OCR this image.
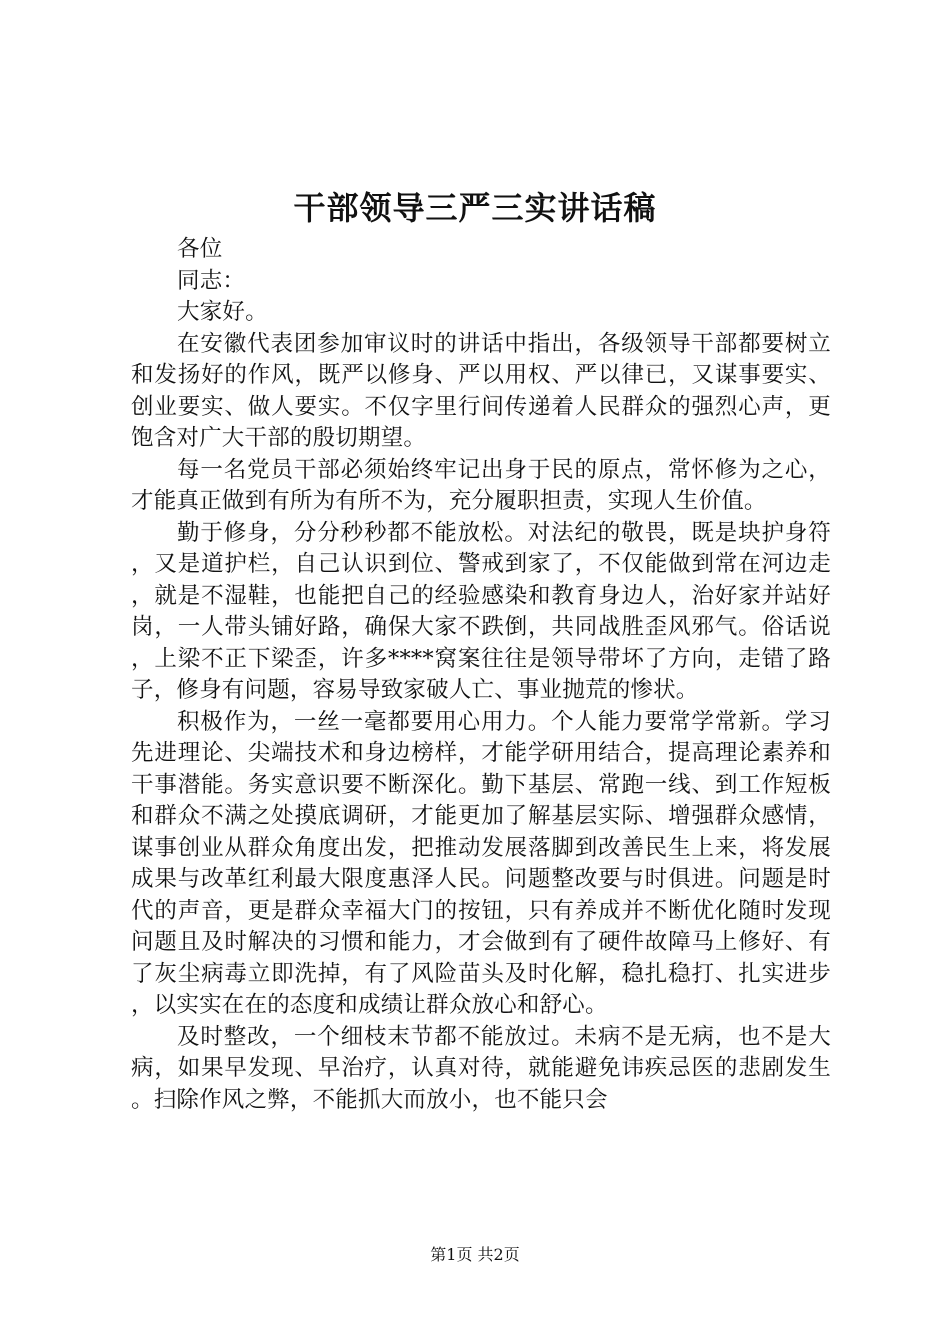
干部领导三严三实讲话稿

各位

同志：

大家好。

在安徽代表团参加审议时的讲话中指出，各级领导干部都要树立和发扬好的作风，既严以修身、严以用权、严以律已，又谋事要实、创业要实、做人要实。不仅字里行间传递着人民群众的强烈心声，更饱含对广大干部的殷切期望。

每一名党员干部必须始终牢记出身于民的原点，常怀修为之心，才能真正做到有所为有所不为，充分履职担责，实现人生价值。

勤于修身，分分秒秒都不能放松。对法纪的敬畏，既是块护身符，又是道护栏，自己认识到位、警戒到家了，不仅能做到常在河边走，就是不湿鞋，也能把自己的经验感染和教育身边人，治好家并站好岗，一人带头铺好路，确保大家不跌倒，共同战胜歪风邪气。俗话说，上梁不正下梁歪，许多****窝案往往是领导带坏了方向，走错了路子，修身有问题，容易导致家破人亡、事业抛荒的惨状。

积极作为，一丝一毫都要用心用力。个人能力要常学常新。学习先进理论、尖端技术和身边榜样，才能学研用结合，提高理论素养和干事潜能。务实意识要不断深化。勤下基层、常跑一线、到工作短板和群众不满之处摸底调研，才能更加了解基层实际、增强群众感情，谋事创业从群众角度出发，把推动发展落脚到改善民生上来，将发展成果与改革红利最大限度惠泽人民。问题整改要与时俱进。问题是时代的声音，更是群众幸福大门的按钮，只有养成并不断优化随时发现问题且及时解决的习惯和能力，才会做到有了硬件故障马上修好、有了灰尘病毒立即洗掉，有了风险苗头及时化解，稳扎稳打、扎实进步，以实实在在的态度和成绩让群众放心和舒心。

及时整改，一个细枝末节都不能放过。未病不是无病，也不是大病，如果早发现、早治疗，认真对待，就能避免讳疾忌医的悲剧发生。扫除作风之弊，不能抓大而放小，也不能只会

第1页 共2页
